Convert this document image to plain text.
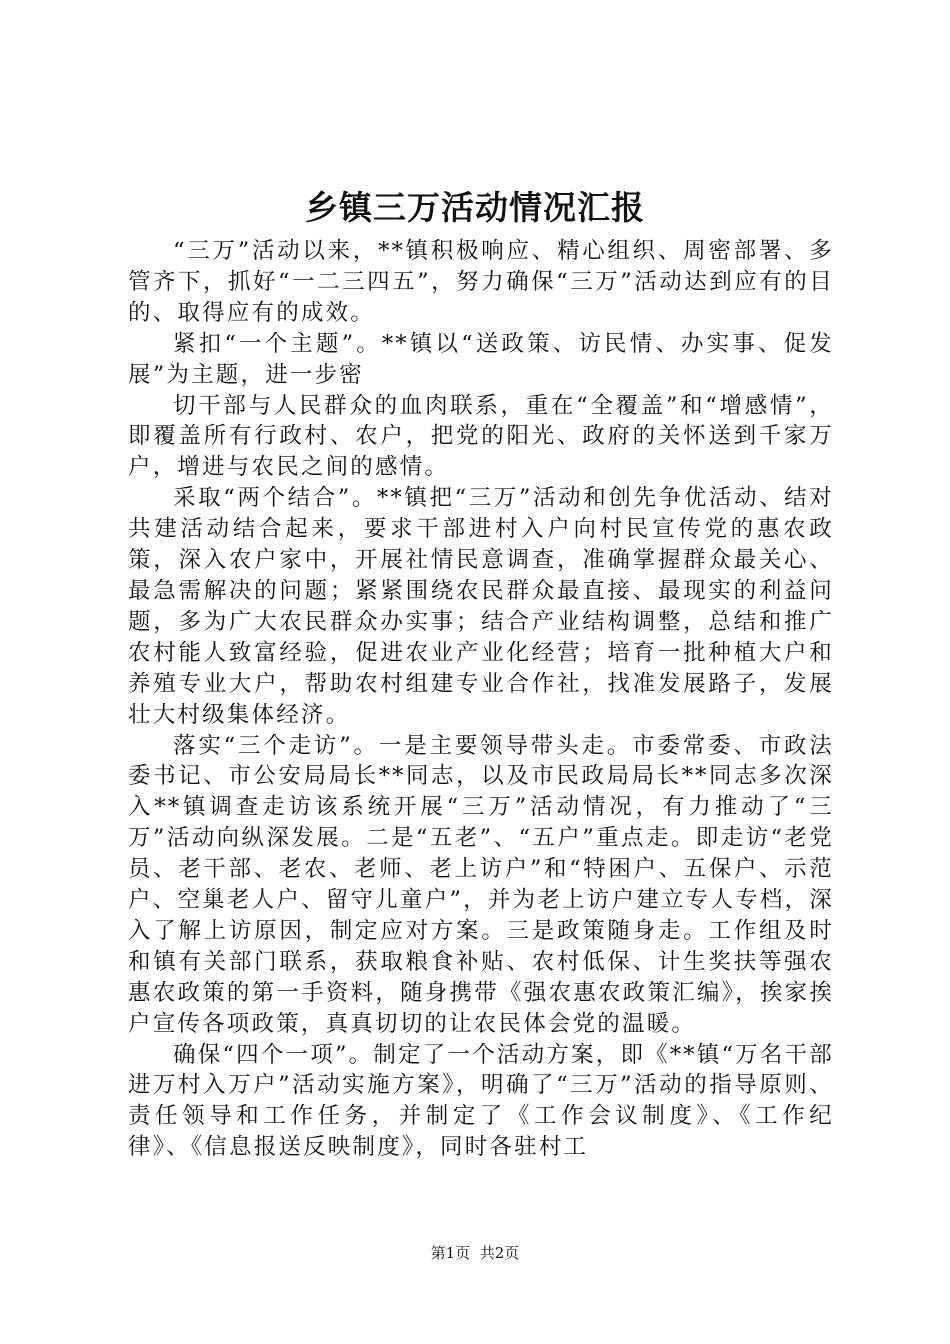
乡镇三万活动情况汇报

“三万”活动以来，**镇积极响应、精心组织、周密部署、多管齐下，抓好“一二三四五”，努力确保“三万”活动达到应有的目的、取得应有的成效。

紧扣“一个主题”。**镇以“送政策、访民情、办实事、促发展”为主题，进一步密

切干部与人民群众的血肉联系，重在“全覆盖”和“增感情”，即覆盖所有行政村、农户，把党的阳光、政府的关怀送到千家万户，增进与农民之间的感情。

采取“两个结合”。**镇把“三万”活动和创先争优活动、结对共建活动结合起来，要求干部进村入户向村民宣传党的惠农政策，深入农户家中，开展社情民意调查，准确掌握群众最关心、最急需解决的问题；紧紧围绕农民群众最直接、最现实的利益问题，多为广大农民群众办实事；结合产业结构调整，总结和推广农村能人致富经验，促进农业产业化经营；培育一批种植大户和养殖专业大户，帮助农村组建专业合作社，找准发展路子，发展壮大村级集体经济。

落实“三个走访”。一是主要领导带头走。市委常委、市政法委书记、市公安局局长**同志，以及市民政局局长**同志多次深入**镇调查走访该系统开展“三万”活动情况，有力推动了“三万”活动向纵深发展。二是“五老”、“五户”重点走。即走访“老党员、老干部、老农、老师、老上访户”和“特困户、五保户、示范户、空巢老人户、留守儿童户”，并为老上访户建立专人专档，深入了解上访原因，制定应对方案。三是政策随身走。工作组及时和镇有关部门联系，获取粮食补贴、农村低保、计生奖扶等强农惠农政策的第一手资料，随身携带《强农惠农政策汇编》，挨家挨户宣传各项政策，真真切切的让农民体会党的温暖。

确保“四个一项”。制定了一个活动方案，即《**镇“万名干部进万村入万户”活动实施方案》，明确了“三万”活动的指导原则、责任领导和工作任务，并制定了《工作会议制度》、《工作纪律》、《信息报送反映制度》，同时各驻村工

第1页 共2页
